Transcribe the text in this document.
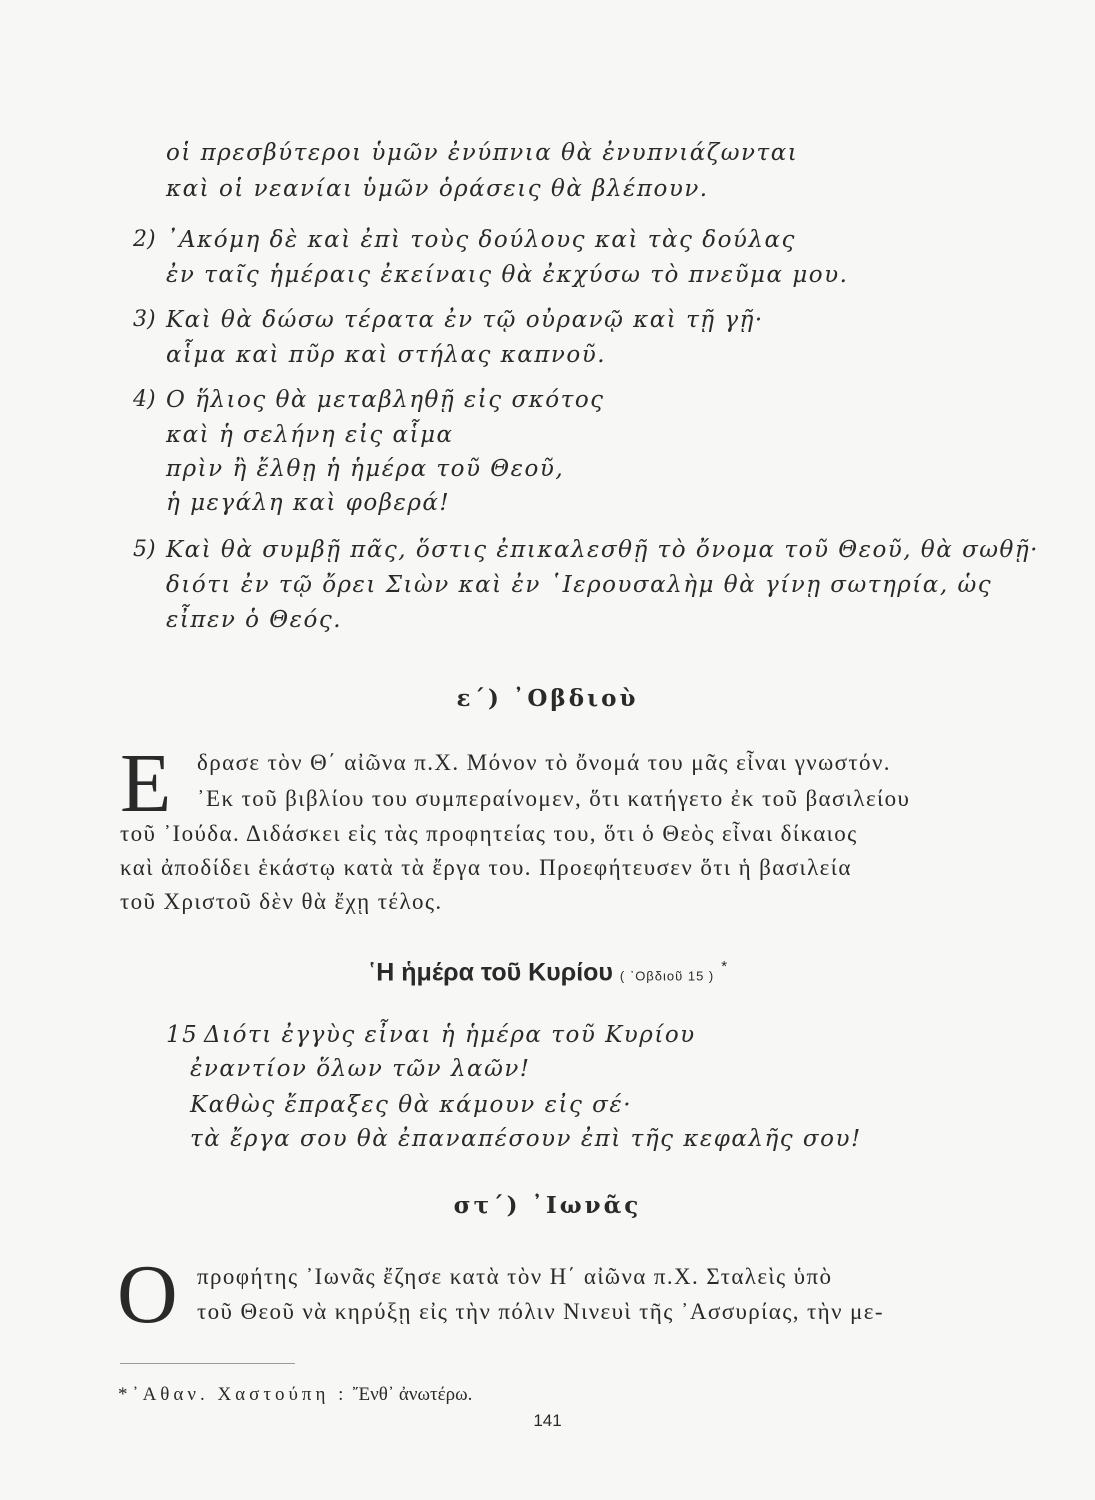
οἱ πρεσβύτεροι ὑμῶν ἐνύπνια θὰ ἐνυπνιάζωνται
καὶ οἱ νεανίαι ὑμῶν ὁράσεις θὰ βλέπουν.
2) ᾿Ακόμη δὲ καὶ ἐπὶ τοὺς δούλους καὶ τὰς δούλας
ἐν ταῖς ἡμέραις ἐκείναις θὰ ἐκχύσω τὸ πνεῦμα μου.
3) Καὶ θὰ δώσω τέρατα ἐν τῷ οὐρανῷ καὶ τῇ γῇ·
αἷμα καὶ πῦρ καὶ στήλας καπνοῦ.
4) Ο ἥλιος θὰ μεταβληθῇ εἰς σκότος
καὶ ἡ σελήνη εἰς αἷμα
πρὶν ἢ ἔλθῃ ἡ ἡμέρα τοῦ Θεοῦ,
ἡ μεγάλη καὶ φοβερά!
5) Καὶ θὰ συμβῇ πᾶς, ὅστις ἐπικαλεσθῇ τὸ ὄνομα τοῦ Θεοῦ, θὰ σωθῇ·
διότι ἐν τῷ ὄρει Σιὼν καὶ ἐν ῾Ιερουσαλὴμ θὰ γίνῃ σωτηρία, ὡς
εἶπεν ὁ Θεός.
ε΄) ᾿Οβδιοὺ
Ε δρασε τὸν Θ΄ αἰῶνα π.Χ. Μόνον τὸ ὄνομά του μᾶς εἶναι γνωστόν.
᾿Εκ τοῦ βιβλίου του συμπεραίνομεν, ὅτι κατήγετο ἐκ τοῦ βασιλείου
τοῦ ᾿Ιούδα. Διδάσκει εἰς τὰς προφητείας του, ὅτι ὁ Θεὸς εἶναι δίκαιος
καὶ ἀποδίδει ἑκάστῳ κατὰ τὰ ἔργα του. Προεφήτευσεν ὅτι ἡ βασιλεία
τοῦ Χριστοῦ δὲν θὰ ἔχῃ τέλος.
῾Η ἡμέρα τοῦ Κυρίου ( ᾿Οβδιοῦ 15 ) *
15 Διότι ἐγγὺς εἶναι ἡ ἡμέρα τοῦ Κυρίου
ἐναντίον ὅλων τῶν λαῶν!
Καθὼς ἔπραξες θὰ κάμουν εἰς σέ·
τὰ ἔργα σου θὰ ἐπαναπέσουν ἐπὶ τῆς κεφαλῆς σου!
στ΄) ᾿Ιωνᾶς
Ο προφήτης ᾿Ιωνᾶς ἔζησε κατὰ τὸν Η΄ αἰῶνα π.Χ. Σταλεὶς ὑπὸ
τοῦ Θεοῦ νὰ κηρύξῃ εἰς τὴν πόλιν Νινευὶ τῆς ᾿Ασσυρίας, τὴν με-
* ᾿Αθαν. Χαστούπη : ῎Ενθ᾿ ἀνωτέρω.
141
